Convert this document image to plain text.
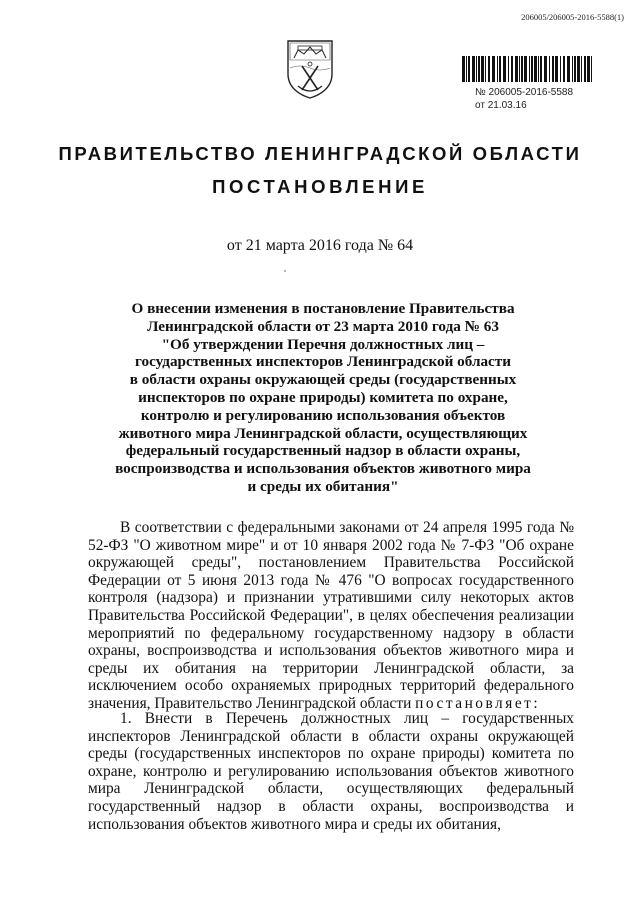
206005/206005-2016-5588(1)
№ 206005-2016-5588
от 21.03.16
ПРАВИТЕЛЬСТВО ЛЕНИНГРАДСКОЙ ОБЛАСТИ
ПОСТАНОВЛЕНИЕ
от 21 марта 2016 года № 64
О внесении изменения в постановление Правительства
Ленинградской области от 23 марта 2010 года № 63
"Об утверждении Перечня должностных лиц –
государственных инспекторов Ленинградской области
в области охраны окружающей среды (государственных
инспекторов по охране природы) комитета по охране,
контролю и регулированию использования объектов
животного мира Ленинградской области, осуществляющих
федеральный государственный надзор в области охраны,
воспроизводства и использования объектов животного мира
и среды их обитания"
В соответствии с федеральными законами от 24 апреля 1995 года № 52-ФЗ "О животном мире" и от 10 января 2002 года № 7-ФЗ "Об охране окружающей среды", постановлением Правительства Российской Федерации от 5 июня 2013 года № 476 "О вопросах государственного контроля (надзора) и признании утратившими силу некоторых актов Правительства Российской Федерации", в целях обеспечения реализации мероприятий по федеральному государственному надзору в области охраны, воспроизводства и использования объектов животного мира и среды их обитания на территории Ленинградской области, за исключением особо охраняемых природных территорий федерального значения, Правительство Ленинградской области постановляет:
1. Внести в Перечень должностных лиц – государственных инспекторов Ленинградской области в области охраны окружающей среды (государственных инспекторов по охране природы) комитета по охране, контролю и регулированию использования объектов животного мира Ленинградской области, осуществляющих федеральный государственный надзор в области охраны, воспроизводства и использования объектов животного мира и среды их обитания,
